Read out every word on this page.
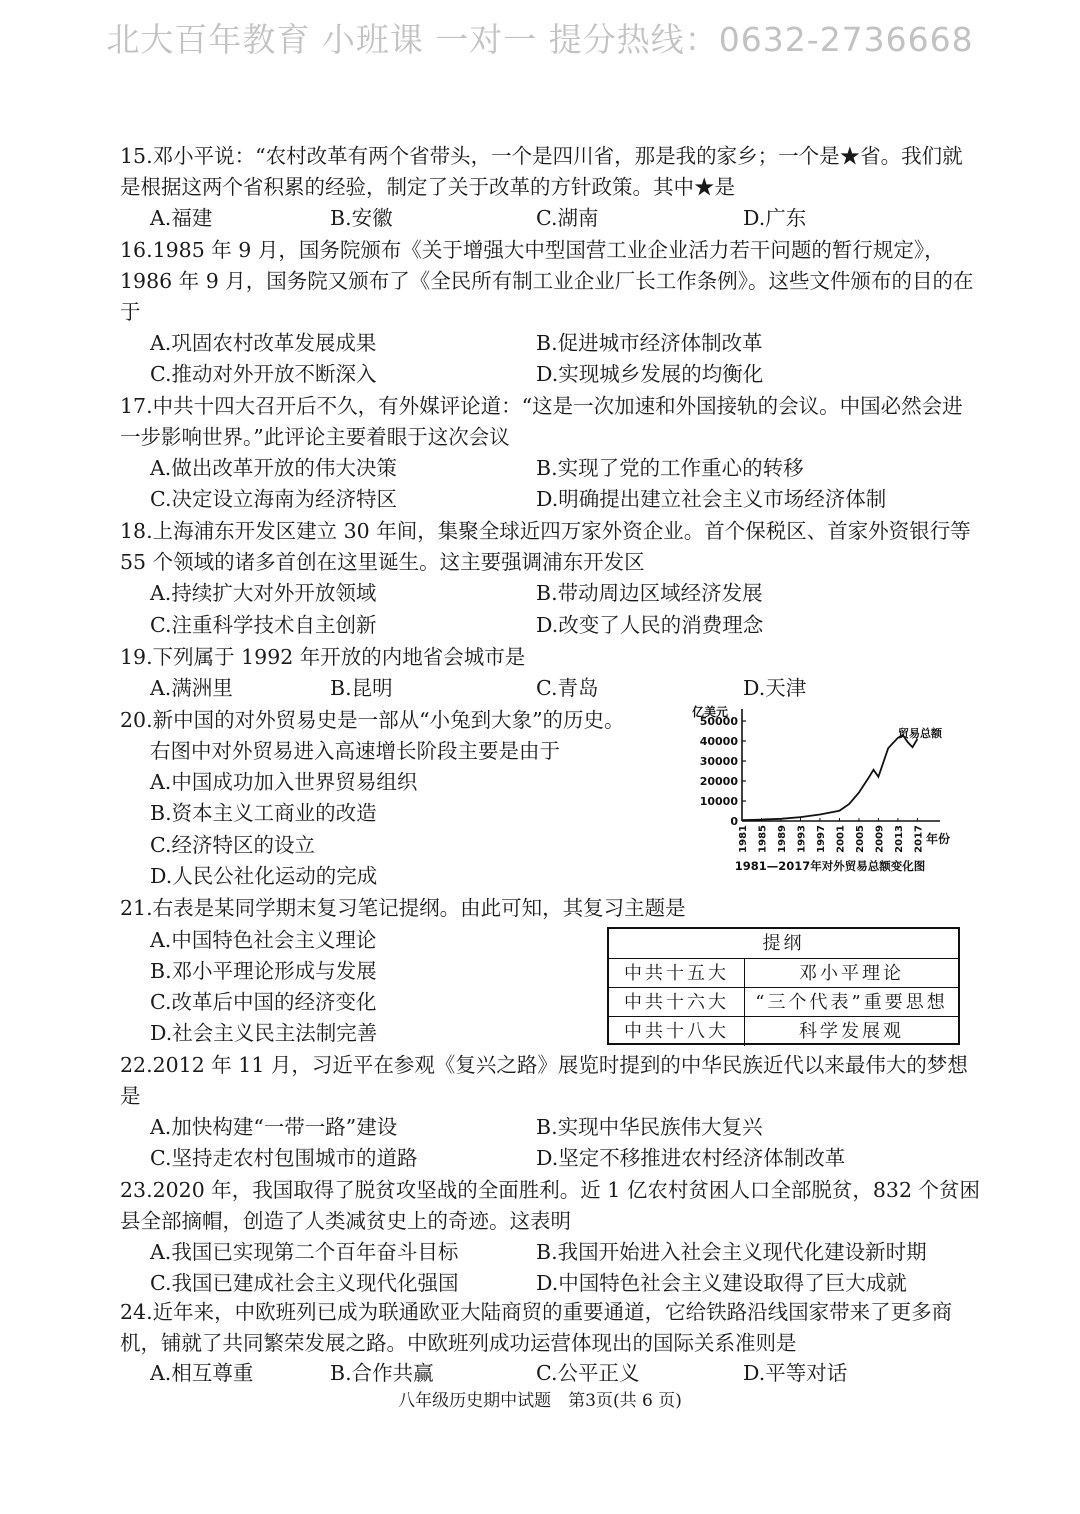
北大百年教育 小班课 一对一 提分热线：0632-2736668
15.邓小平说：“农村改革有两个省带头，一个是四川省，那是我的家乡；一个是★省。我们就是根据这两个省积累的经验，制定了关于改革的方针政策。其中★是
A.福建	B.安徽	C.湖南	D.广东
16.1985 年 9 月，国务院颁布《关于增强大中型国营工业企业活力若干问题的暂行规定》，1986 年 9 月，国务院又颁布了《全民所有制工业企业厂长工作条例》。这些文件颁布的目的在于
A.巩固农村改革发展成果	B.促进城市经济体制改革
C.推动对外开放不断深入	D.实现城乡发展的均衡化
17.中共十四大召开后不久，有外媒评论道：“这是一次加速和外国接轨的会议。中国必然会进一步影响世界。”此评论主要着眼于这次会议
A.做出改革开放的伟大决策	B.实现了党的工作重心的转移
C.决定设立海南为经济特区	D.明确提出建立社会主义市场经济体制
18.上海浦东开发区建立 30 年间，集聚全球近四万家外资企业。首个保税区、首家外资银行等 55 个领域的诸多首创在这里诞生。这主要强调浦东开发区
A.持续扩大对外开放领域	B.带动周边区域经济发展
C.注重科学技术自主创新	D.改变了人民的消费理念
19.下列属于 1992 年开放的内地省会城市是
A.满洲里	B.昆明	C.青岛	D.天津
20.新中国的对外贸易史是一部从“小兔到大象”的历史。
右图中对外贸易进入高速增长阶段主要是由于
A.中国成功加入世界贸易组织
B.资本主义工商业的改造
C.经济特区的设立
D.人民公社化运动的完成
亿美元
0
10000
20000
30000
40000
50000
1981 1985 1989 1993 1997 2001 2005 2009 2013 2017 年份
贸易总额
1981—2017年对外贸易总额变化图
21.右表是某同学期末复习笔记提纲。由此可知，其复习主题是
A.中国特色社会主义理论
B.邓小平理论形成与发展
C.改革后中国的经济变化
D.社会主义民主法制完善
提纲
中共十五大	邓小平理论
中共十六大	“三个代表”重要思想
中共十八大	科学发展观
22.2012 年 11 月，习近平在参观《复兴之路》展览时提到的中华民族近代以来最伟大的梦想是
A.加快构建“一带一路”建设	B.实现中华民族伟大复兴
C.坚持走农村包围城市的道路	D.坚定不移推进农村经济体制改革
23.2020 年，我国取得了脱贫攻坚战的全面胜利。近 1 亿农村贫困人口全部脱贫，832 个贫困县全部摘帽，创造了人类减贫史上的奇迹。这表明
A.我国已实现第二个百年奋斗目标	B.我国开始进入社会主义现代化建设新时期
C.我国已建成社会主义现代化强国	D.中国特色社会主义建设取得了巨大成就
24.近年来，中欧班列已成为联通欧亚大陆商贸的重要通道，它给铁路沿线国家带来了更多商机，铺就了共同繁荣发展之路。中欧班列成功运营体现出的国际关系准则是
A.相互尊重	B.合作共赢	C.公平正义	D.平等对话
八年级历史期中试题　第3页(共 6 页)
